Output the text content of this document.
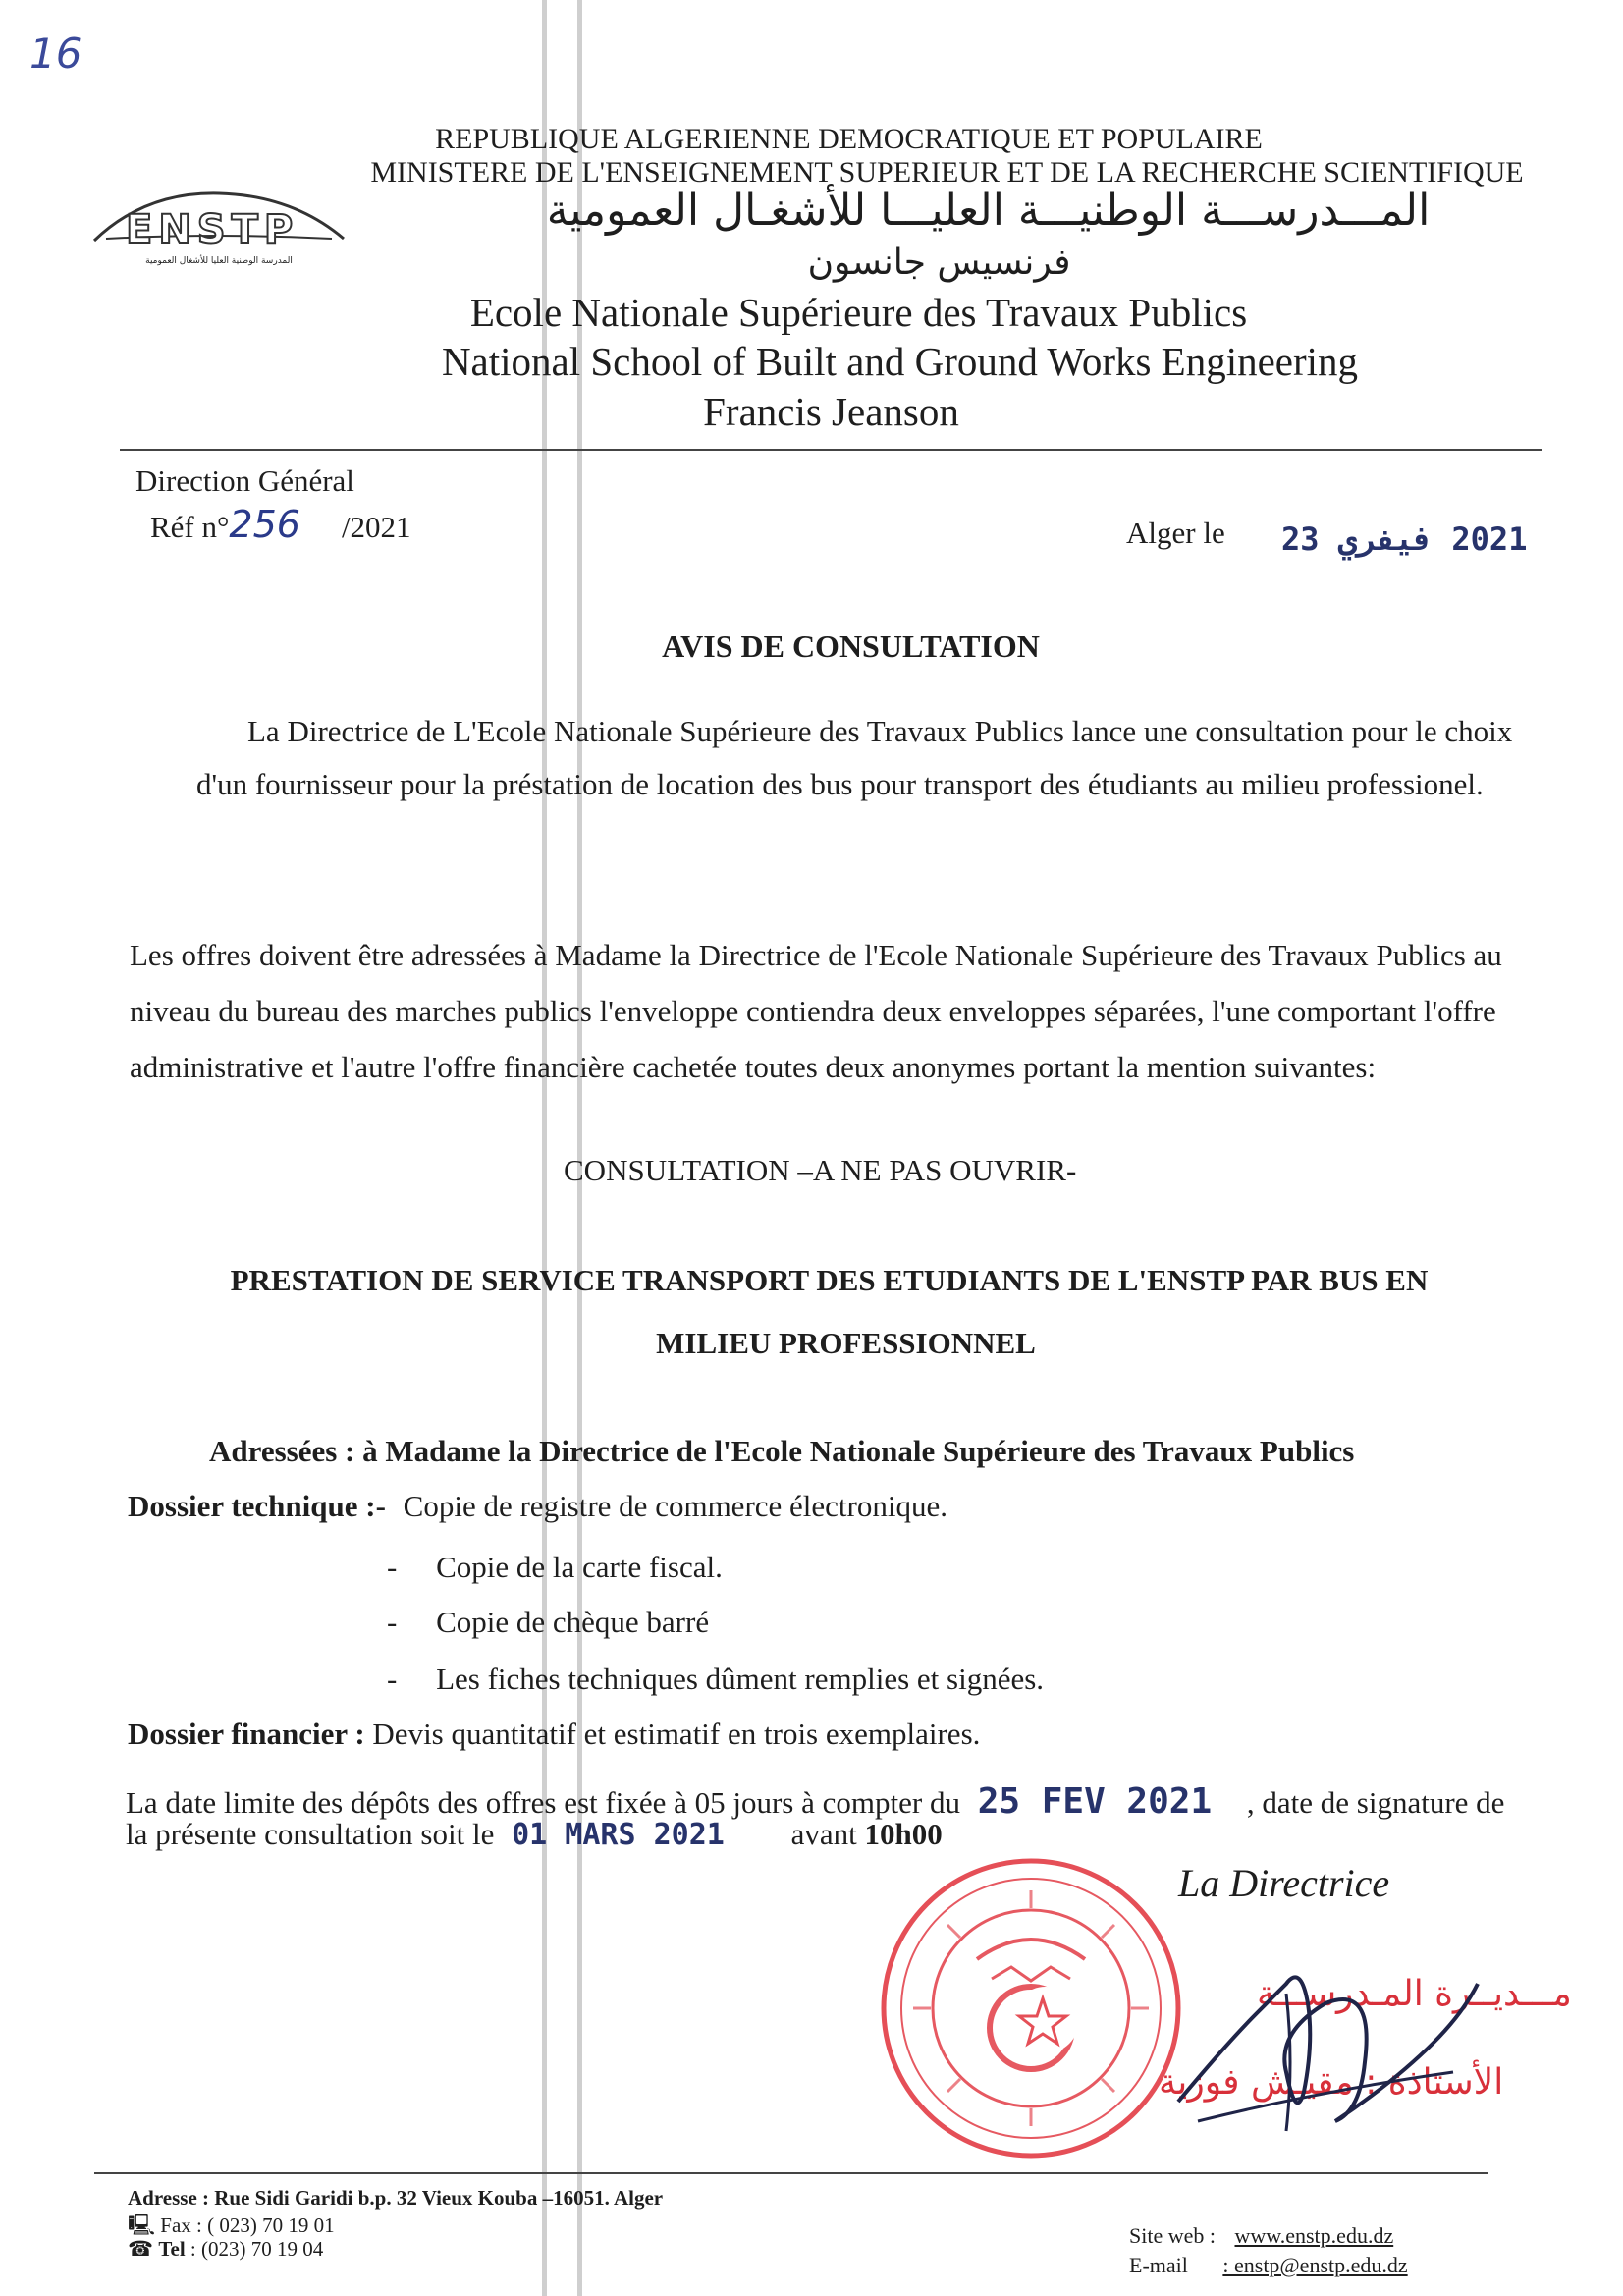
16
REPUBLIQUE ALGERIENNE DEMOCRATIQUE ET POPULAIRE
MINISTERE DE L'ENSEIGNEMENT SUPERIEUR ET DE LA RECHERCHE SCIENTIFIQUE
المـــدرســـة الوطنيـــة العليـــا للأشغـال العمومية
فرنسيس جانسون
Ecole Nationale Supérieure des Travaux Publics
National School of Built and Ground Works Engineering
Francis Jeanson
ENSTP
المدرسة الوطنية العليا للأشغال العمومية
Direction Général
Réf n°256 /2021	Alger le 2021 فيفري 23
AVIS DE CONSULTATION
La Directrice de L'Ecole Nationale Supérieure des Travaux Publics lance une consultation pour le choix d'un fournisseur pour la préstation de location des bus pour transport des étudiants au milieu professionel.
Les offres doivent être adressées à Madame la Directrice de l'Ecole Nationale Supérieure des Travaux Publics au niveau du bureau des marches publics l'enveloppe contiendra deux enveloppes séparées, l'une comportant l'offre administrative et l'autre l'offre financière cachetée toutes deux anonymes portant la mention suivantes:
CONSULTATION –A NE PAS OUVRIR-
PRESTATION DE SERVICE TRANSPORT DES ETUDIANTS DE L'ENSTP PAR BUS EN
MILIEU PROFESSIONNEL
Adressées : à Madame la Directrice de l'Ecole Nationale Supérieure des Travaux Publics
Dossier technique :- Copie de registre de commerce électronique.
- Copie de la carte fiscal.
- Copie de chèque barré
- Les fiches techniques dûment remplies et signées.
Dossier financier : Devis quantitatif et estimatif en trois exemplaires.
La date limite des dépôts des offres est fixée à 05 jours à compter du 25 FEV 2021 , date de signature de
la présente consultation soit le 01 MARS 2021 avant 10h00
La Directrice
مـــديــرة المـدرســـة
الأستاذة : مقيـش فوزية
Adresse : Rue Sidi Garidi b.p. 32 Vieux Kouba –16051. Alger
🖳 Fax : ( 023) 70 19 01
☎ Tel : (023) 70 19 04
Site web : www.enstp.edu.dz
E-mail : enstp@enstp.edu.dz
